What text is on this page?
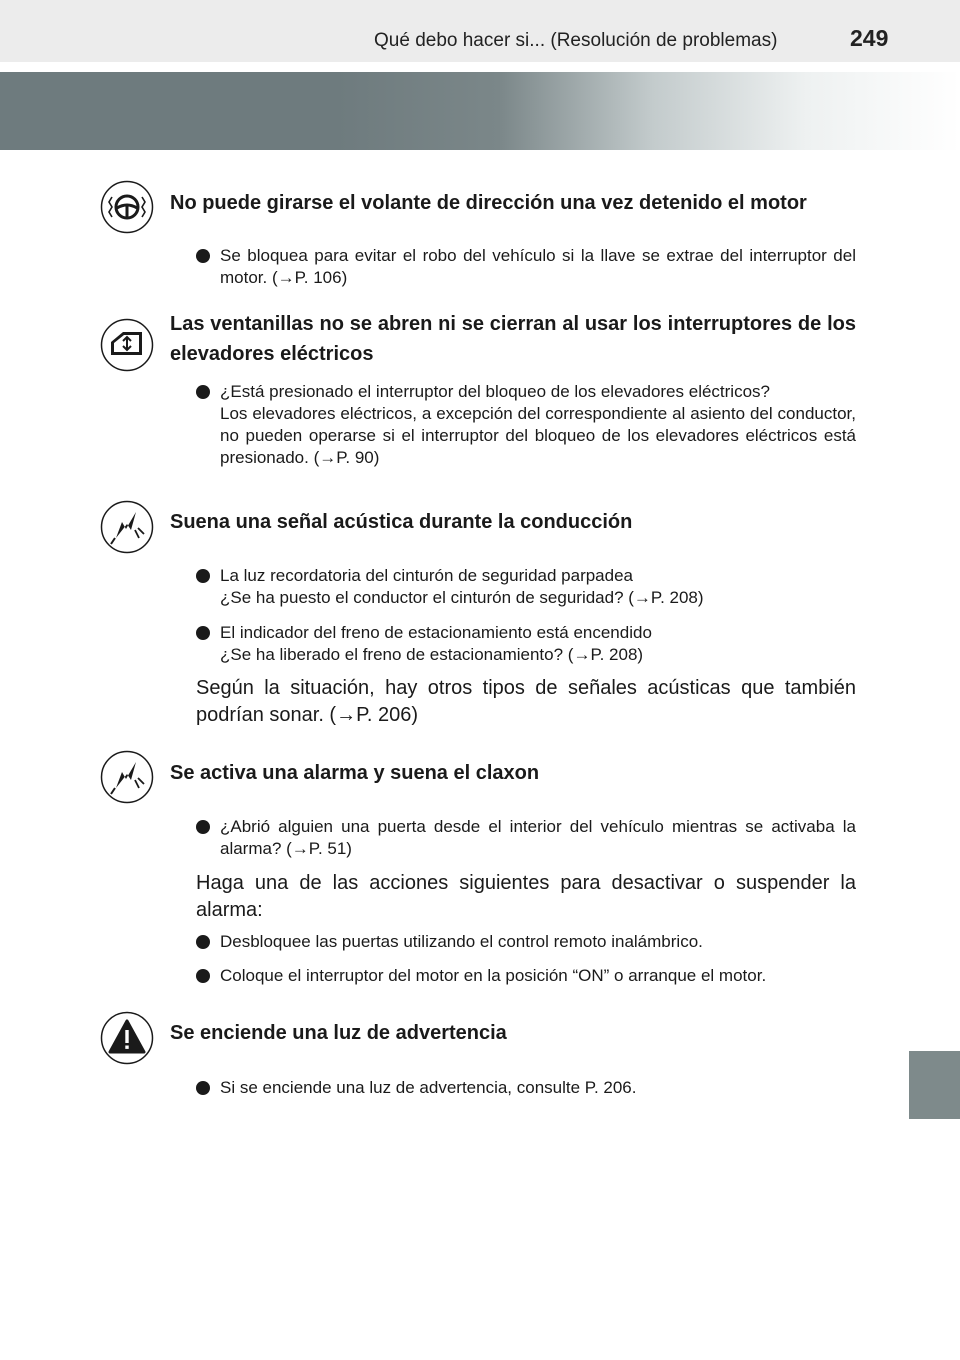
Qué debo hacer si... (Resolución de problemas)	249
No puede girarse el volante de dirección una vez detenido el motor
Se bloquea para evitar el robo del vehículo si la llave se extrae del interruptor del motor. (→P. 106)
Las ventanillas no se abren ni se cierran al usar los interruptores de los elevadores eléctricos
¿Está presionado el interruptor del bloqueo de los elevadores eléctricos?
Los elevadores eléctricos, a excepción del correspondiente al asiento del conductor, no pueden operarse si el interruptor del bloqueo de los elevadores eléctricos está presionado. (→P. 90)
Suena una señal acústica durante la conducción
La luz recordatoria del cinturón de seguridad parpadea
¿Se ha puesto el conductor el cinturón de seguridad? (→P. 208)
El indicador del freno de estacionamiento está encendido
¿Se ha liberado el freno de estacionamiento? (→P. 208)
Según la situación, hay otros tipos de señales acústicas que también podrían sonar. (→P. 206)
Se activa una alarma y suena el claxon
¿Abrió alguien una puerta desde el interior del vehículo mientras se activaba la alarma? (→P. 51)
Haga una de las acciones siguientes para desactivar o suspender la alarma:
Desbloquee las puertas utilizando el control remoto inalámbrico.
Coloque el interruptor del motor en la posición “ON” o arranque el motor.
Se enciende una luz de advertencia
Si se enciende una luz de advertencia, consulte P. 206.
